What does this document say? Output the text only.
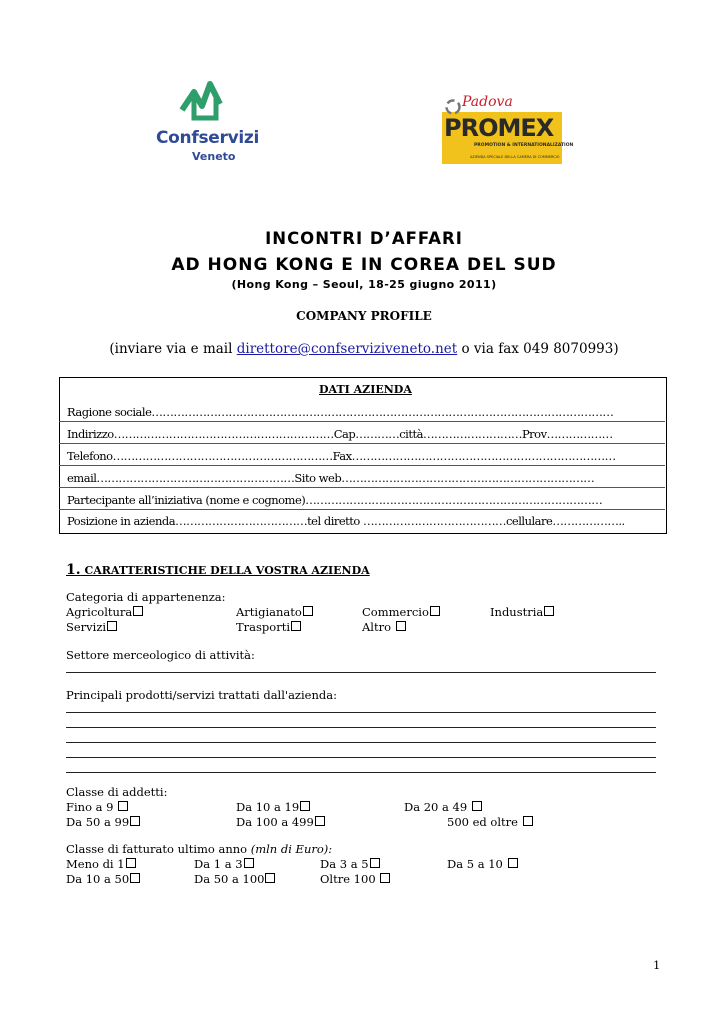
Confservizi
Veneto
Padova
PROMEX
PROMOTION & INTERNATIONALIZATION
AZIENDA SPECIALE DELLA CAMERA DI COMMERCIO
INCONTRI D’AFFARI
AD HONG KONG E IN COREA DEL SUD
(Hong Kong – Seoul, 18-25 giugno 2011)
COMPANY PROFILE
(inviare via e mail direttore@confserviziveneto.net o via fax 049 8070993)
DATI AZIENDA
Ragione sociale………………………………………………………………………………………………………………
Indirizzo……………………………………………………Cap…………città………………………Prov………………
Telefono……………………………………………………Fax………………………………………………………………
email………………………………………………Sito web……………………………………………………………
Partecipante all’iniziativa (nome e cognome)………………………………………………………………………
Posizione in azienda………………………………tel diretto …………………………………cellulare………………..
1. CARATTERISTICHE DELLA VOSTRA AZIENDA
Categoria di appartenenza:
Agricoltura	Artigianato	Commercio	Industria
Servizi	Trasporti	Altro
Settore merceologico di attività:
Principali prodotti/servizi trattati dall'azienda:
Classe di addetti:
Fino a 9	Da 10 a 19	Da 20 a 49
Da 50 a 99	Da 100 a 499	500 ed oltre
Classe di fatturato ultimo anno (mln di Euro):
Meno di 1	Da 1 a 3	Da 3 a 5	Da 5 a 10
Da 10 a 50	Da 50 a 100	Oltre 100
1
